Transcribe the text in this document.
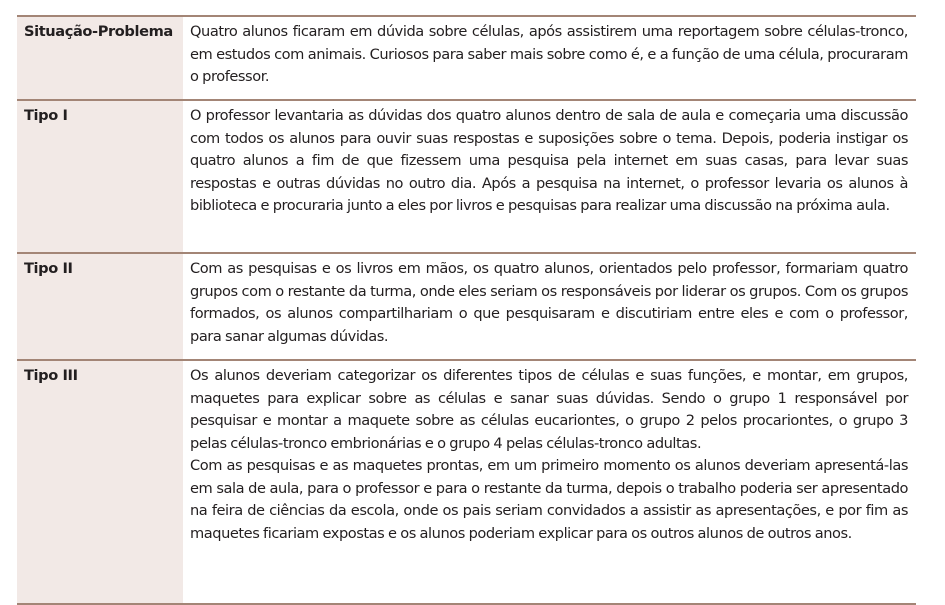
Situação-Problema	Quatro alunos ficaram em dúvida sobre células, após assistirem uma reportagem sobre células-tronco, em estudos com animais. Curiosos para saber mais sobre como é, e a função de uma célula, procuraram o professor.

Tipo I	O professor levantaria as dúvidas dos quatro alunos dentro de sala de aula e começaria uma discussão com todos os alunos para ouvir suas respostas e suposições sobre o tema. Depois, poderia instigar os quatro alunos a fim de que fizessem uma pesquisa pela internet em suas casas, para levar suas respostas e outras dúvidas no outro dia. Após a pesquisa na internet, o professor levaria os alunos à biblioteca e procuraria junto a eles por livros e pesquisas para realizar uma discussão na próxima aula.

Tipo II	Com as pesquisas e os livros em mãos, os quatro alunos, orientados pelo professor, formariam quatro grupos com o restante da turma, onde eles seriam os responsáveis por liderar os grupos. Com os grupos formados, os alunos compartilhariam o que pesquisaram e discutiriam entre eles e com o professor, para sanar algumas dúvidas.

Tipo III	Os alunos deveriam categorizar os diferentes tipos de células e suas funções, e montar, em grupos, maquetes para explicar sobre as células e sanar suas dúvidas. Sendo o grupo 1 responsável por pesquisar e montar a maquete sobre as células eucariontes, o grupo 2 pelos procariontes, o grupo 3 pelas células-tronco embrionárias e o grupo 4 pelas células-tronco adultas.

Com as pesquisas e as maquetes prontas, em um primeiro momento os alunos deveriam apresentá-las em sala de aula, para o professor e para o restante da turma, depois o trabalho poderia ser apresentado na feira de ciências da escola, onde os pais seriam convidados a assistir as apresentações, e por fim as maquetes ficariam expostas e os alunos poderiam explicar para os outros alunos de outros anos.
